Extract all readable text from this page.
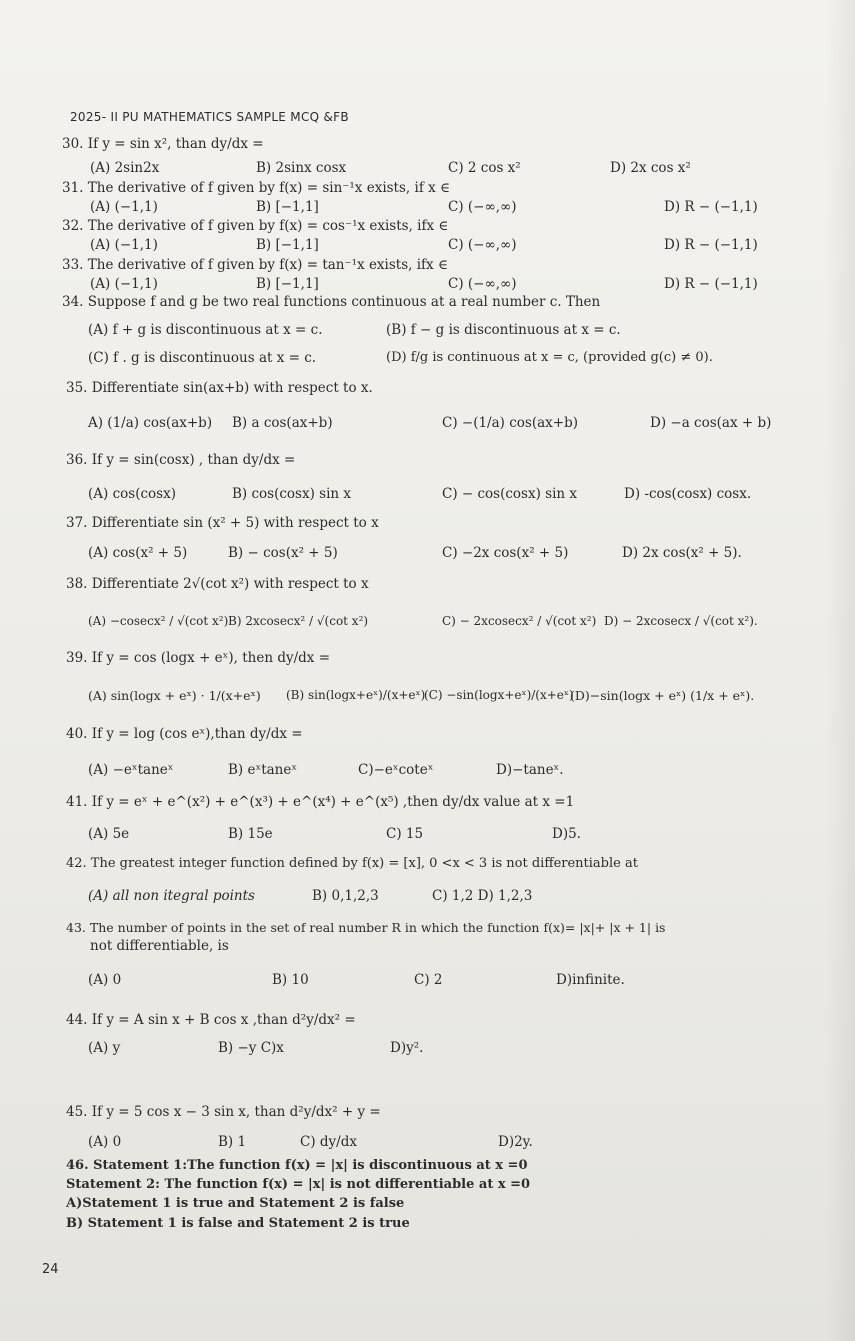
2025- II PU MATHEMATICS SAMPLE MCQ &FB
30. If y = sin x², than dy/dx =
(A) 2sin2x	B) 2sinx cosx	C) 2 cos x²	D) 2x cos x²
31. The derivative of f given by f(x) = sin⁻¹x exists, if x ∈
(A) (−1,1)	B) [−1,1]	C) (−∞,∞)	D) R − (−1,1)
32. The derivative of f given by f(x) = cos⁻¹x exists, ifx ∈
(A) (−1,1)	B) [−1,1]	C) (−∞,∞)	D) R − (−1,1)
33. The derivative of f given by f(x) = tan⁻¹x exists, ifx ∈
(A) (−1,1)	B) [−1,1]	C) (−∞,∞)	D) R − (−1,1)
34. Suppose f and g be two real functions continuous at a real number c. Then
(A) f + g is discontinuous at x = c.	(B) f − g is discontinuous at x = c.
(C) f . g is discontinuous at x = c.	(D) f/g is continuous at x = c, (provided g(c) ≠ 0).
35. Differentiate sin(ax+b) with respect to x.
A) (1/a) cos(ax+b) B) a cos(ax+b)	C) −(1/a) cos(ax+b)	D) −a cos(ax + b)
36. If y = sin(cosx) , than dy/dx =
(A) cos(cosx)	B) cos(cosx) sin x	C) − cos(cosx) sin x	D) -cos(cosx) cosx.
37. Differentiate sin (x² + 5) with respect to x
(A) cos(x² + 5)	B) − cos(x² + 5)	C) −2x cos(x² + 5)	D) 2x cos(x² + 5).
38. Differentiate 2√(cot x²) with respect to x
(A) −cosecx² / √(cot x²) B) 2xcosecx² / √(cot x²)	C) − 2xcosecx² / √(cot x²) D) − 2xcosecx / √(cot x²).
39. If y = cos (logx + eˣ), then dy/dx =
(A) sin(logx + eˣ) · 1/(x+eˣ) (B) sin(logx+eˣ)/(x+eˣ)
(C) −sin(logx+eˣ)/(x+eˣ)
(D)−sin(logx + eˣ) (1/x + eˣ).
40. If y = log (cos eˣ),than dy/dx =
(A) −eˣtaneˣ	B) eˣtaneˣ	C)−eˣcoteˣ	D)−taneˣ.
41. If y = eˣ + e^(x²) + e^(x³) + e^(x⁴) + e^(x⁵) ,then dy/dx value at x =1
(A) 5e	B) 15e	C) 15	D)5.
42. The greatest integer function defined by f(x) = [x], 0 <x < 3 is not differentiable at
(A) all non itegral points	B) 0,1,2,3	C) 1,2 D) 1,2,3
43. The number of points in the set of real number R in which the function f(x)= |x|+ |x + 1| is
not differentiable, is
(A) 0	B) 10	C) 2	D)infinite.
44. If y = A sin x + B cos x ,than d²y/dx² =
(A) y	B) −y C)x	D)y².
45. If y = 5 cos x − 3 sin x, than d²y/dx² + y =
(A) 0	B) 1	C) dy/dx	D)2y.
46. Statement 1:The function f(x) = |x| is discontinuous at x =0
Statement 2: The function f(x) = |x| is not differentiable at x =0
A)Statement 1 is true and Statement 2 is false
B) Statement 1 is false and Statement 2 is true
24
